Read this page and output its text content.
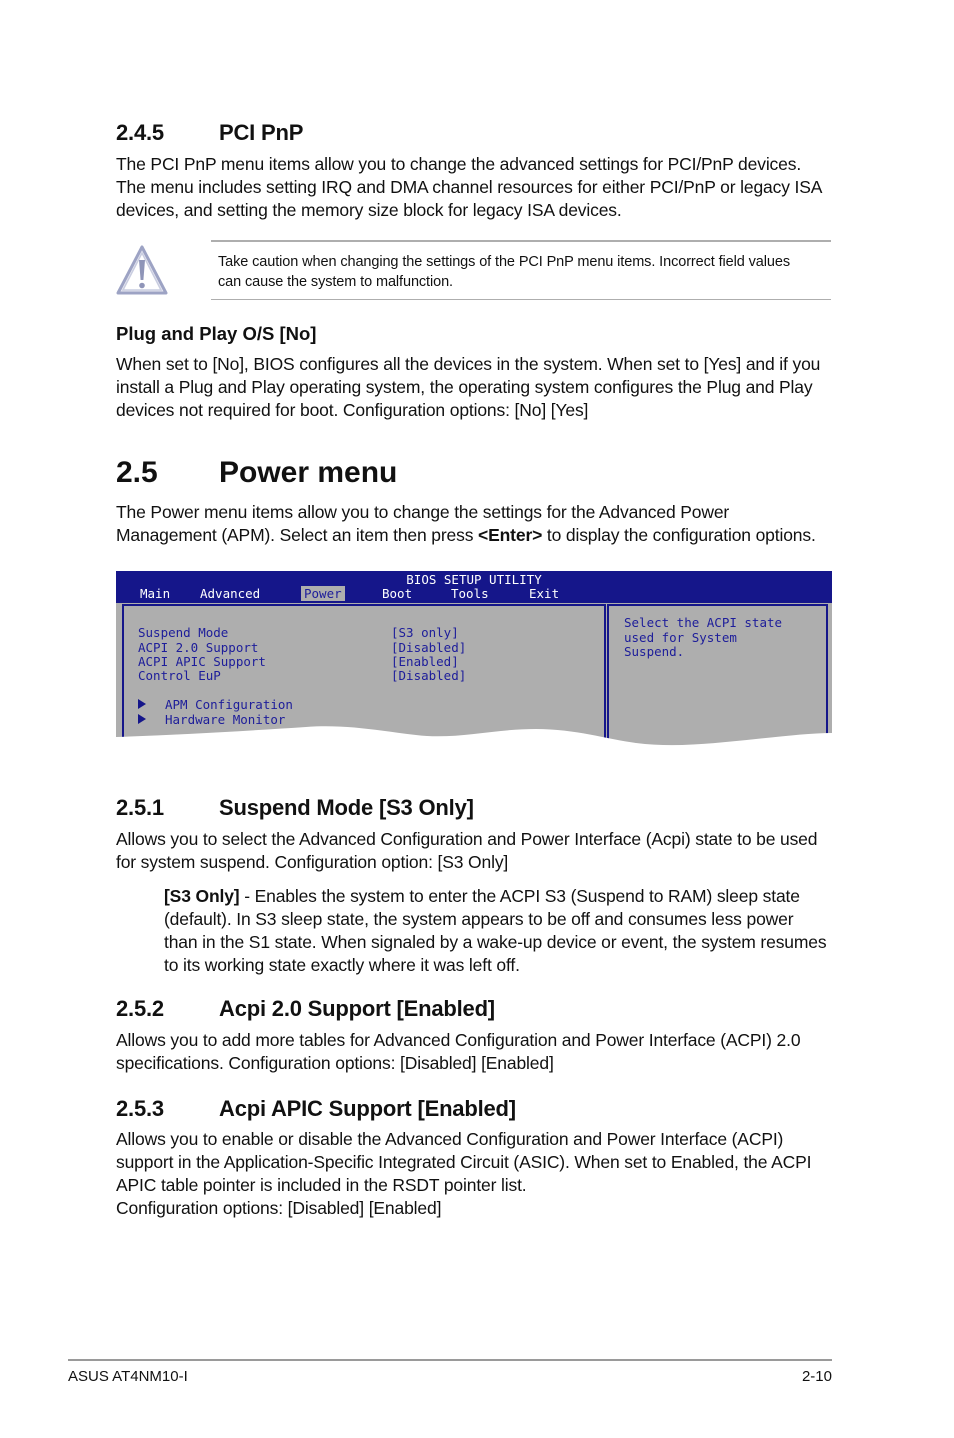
2.4.5	PCI PnP
The PCI PnP menu items allow you to change the advanced settings for PCI/PnP devices.
The menu includes setting IRQ and DMA channel resources for either PCI/PnP or legacy ISA
devices, and setting the memory size block for legacy ISA devices.
Take caution when changing the settings of the PCI PnP menu items. Incorrect field values
can cause the system to malfunction.
Plug and Play O/S [No]
When set to [No], BIOS configures all the devices in the system. When set to [Yes] and if you
install a Plug and Play operating system, the operating system configures the Plug and Play
devices not required for boot. Configuration options: [No] [Yes]
2.5 Power menu
The Power menu items allow you to change the settings for the Advanced Power
Management (APM). Select an item then press <Enter> to display the configuration options.
BIOS SETUP UTILITY
Main Advanced	Power	Boot	Tools	Exit
Suspend Mode	[S3 only]
ACPI 2.0 Support	[Disabled]
ACPI APIC Support	[Enabled]
Control EuP	[Disabled]
APM Configuration
Hardware Monitor
Select the ACPI state
used for System
Suspend.
2.5.1	Suspend Mode [S3 Only]
Allows you to select the Advanced Configuration and Power Interface (Acpi) state to be used
for system suspend. Configuration option: [S3 Only]
[S3 Only] - Enables the system to enter the ACPI S3 (Suspend to RAM) sleep state
(default). In S3 sleep state, the system appears to be off and consumes less power
than in the S1 state. When signaled by a wake-up device or event, the system resumes
to its working state exactly where it was left off.
2.5.2	Acpi 2.0 Support [Enabled]
Allows you to add more tables for Advanced Configuration and Power Interface (ACPI) 2.0
specifications. Configuration options: [Disabled] [Enabled]
2.5.3	Acpi APIC Support [Enabled]
Allows you to enable or disable the Advanced Configuration and Power Interface (ACPI)
support in the Application-Specific Integrated Circuit (ASIC). When set to Enabled, the ACPI
APIC table pointer is included in the RSDT pointer list.
Configuration options: [Disabled] [Enabled]
ASUS AT4NM10-I	2-10
